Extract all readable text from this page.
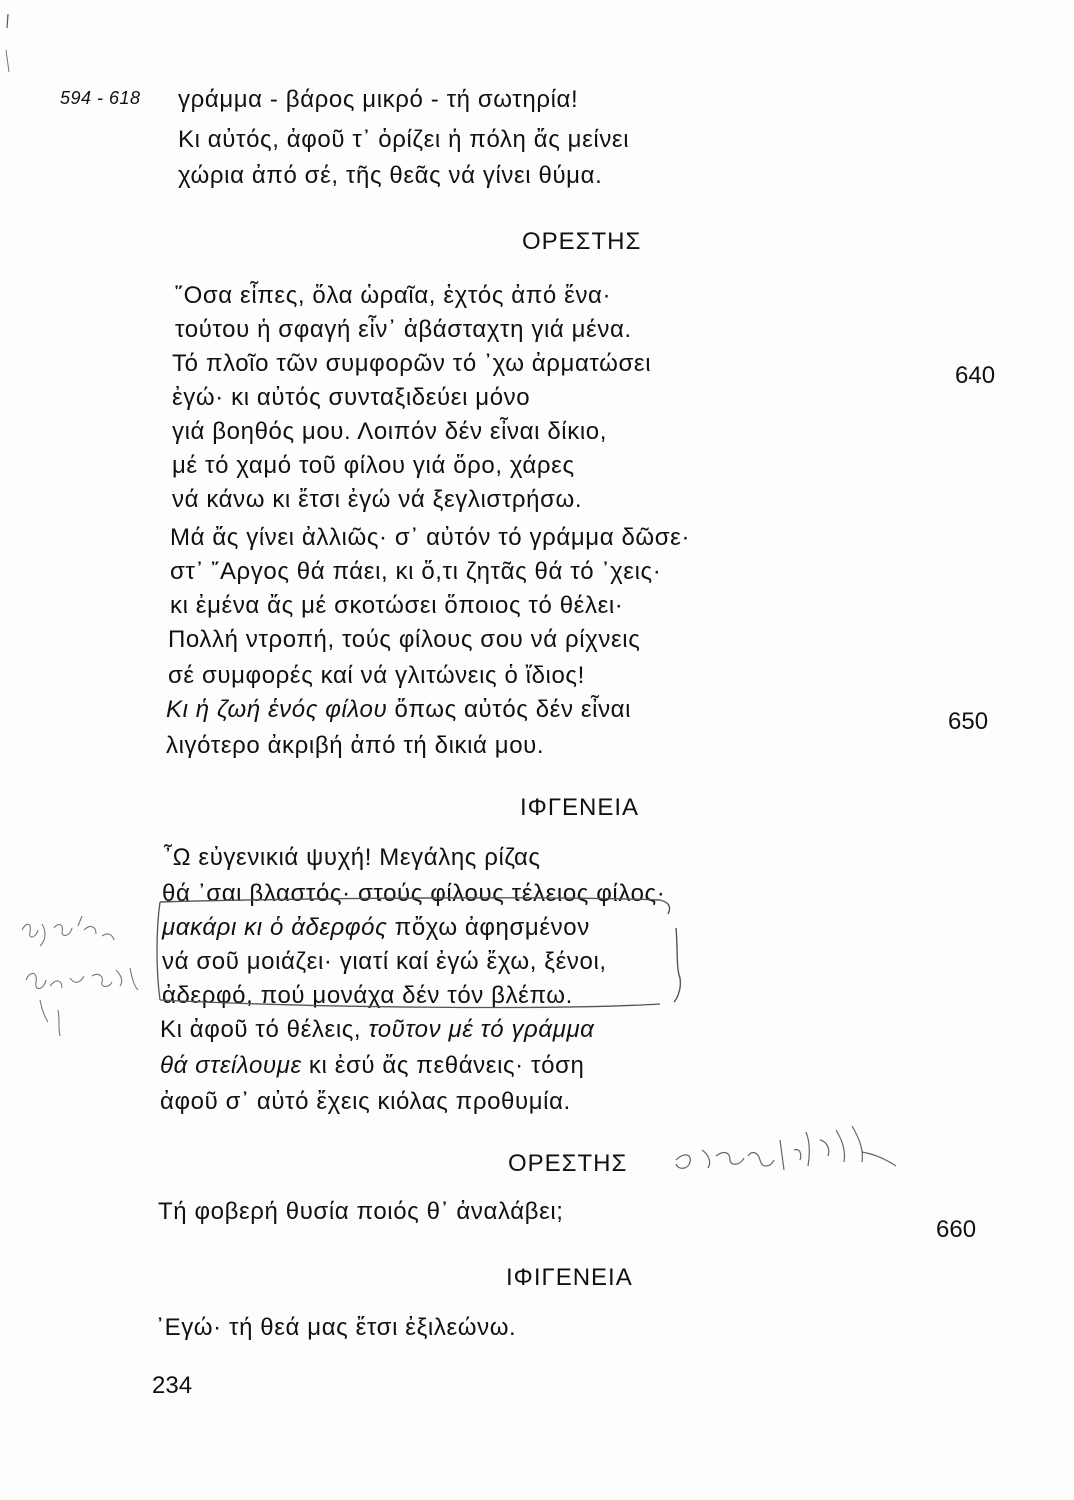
594 - 618 γράμμα - βάρος μικρό - τή σωτηρία!
Κι αὐτός, ἀφοῦ τ᾿ ὁρίζει ἡ πόλη ἄς μείνει
χώρια ἀπό σέ, τῆς θεᾶς νά γίνει θύμα.
ΟΡΕΣΤΗΣ
῞Οσα εἶπες, ὅλα ὡραῖα, ἐχτός ἀπό ἕνα·
τούτου ἡ σφαγή εἶν᾿ ἀβάσταχτη γιά μένα.
Τό πλοῖο τῶν συμφορῶν τό ᾿χω ἀρματώσει	640
ἐγώ· κι αὐτός συνταξιδεύει μόνο
γιά βοηθός μου. Λοιπόν δέν εἶναι δίκιο,
μέ τό χαμό τοῦ φίλου γιά ὅρο, χάρες
νά κάνω κι ἔτσι ἐγώ νά ξεγλιστρήσω.
Μά ἄς γίνει ἀλλιῶς· σ᾿ αὐτόν τό γράμμα δῶσε·
στ᾿ ῎Αργος θά πάει, κι ὅ,τι ζητᾶς θά τό ᾿χεις·
κι ἐμένα ἄς μέ σκοτώσει ὅποιος τό θέλει·
Πολλή ντροπή, τούς φίλους σου νά ρίχνεις
σέ συμφορές καί νά γλιτώνεις ὁ ἴδιος!
Κι ἡ ζωή ἑνός φίλου ὅπως αὐτός δέν εἶναι	650
λιγότερο ἀκριβή ἀπό τή δικιά μου.
ΙΦΓΕΝΕΙΑ
῏Ω εὐγενικιά ψυχή! Μεγάλης ρίζας
θά ᾿σαι βλαστός· στούς φίλους τέλειος φίλος·
μακάρι κι ὁ ἀδερφός πὄχω ἀφησμένον
νά σοῦ μοιάζει· γιατί καί ἐγώ ἔχω, ξένοι,
ἀδερφό, πού μονάχα δέν τόν βλέπω.
Κι ἀφοῦ τό θέλεις, τοῦτον μέ τό γράμμα
θά στείλουμε κι ἐσύ ἄς πεθάνεις· τόση
ἀφοῦ σ᾿ αὐτό ἔχεις κιόλας προθυμία.
ΟΡΕΣΤΗΣ
Τή φοβερή θυσία ποιός θ᾿ ἀναλάβει;
660
ΙΦΙΓΕΝΕΙΑ
᾿Εγώ· τή θεά μας ἔτσι ἐξιλεώνω.
234
